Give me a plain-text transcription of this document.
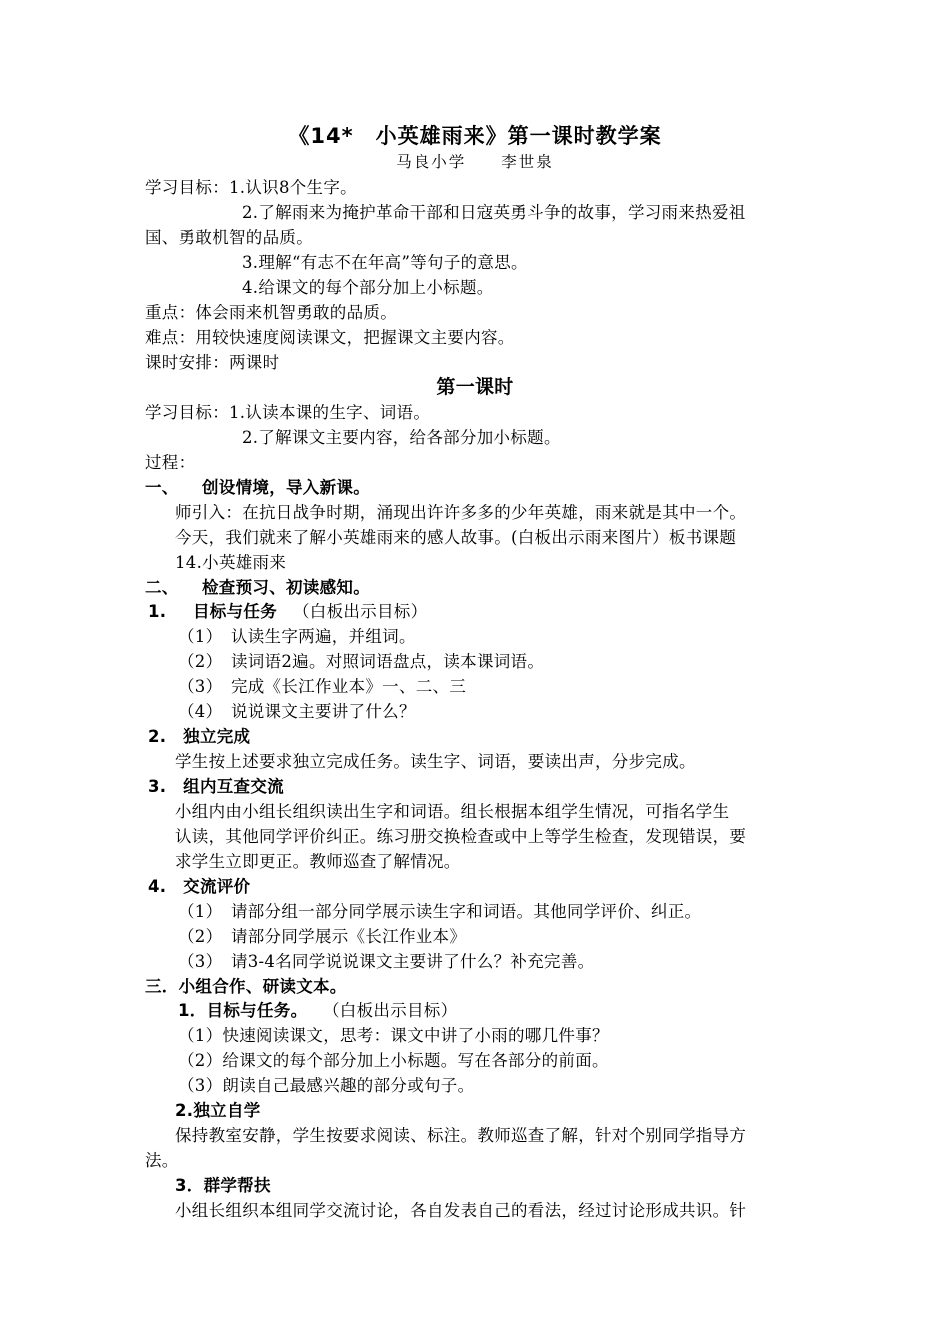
《14*　小英雄雨来》第一课时教学案
马良小学　　李世泉
学习目标：1.认识8个生字。
2.了解雨来为掩护革命干部和日寇英勇斗争的故事，学习雨来热爱祖
国、勇敢机智的品质。
3.理解“有志不在年高”等句子的意思。
4.给课文的每个部分加上小标题。
重点：体会雨来机智勇敢的品质。
难点：用较快速度阅读课文，把握课文主要内容。
课时安排：两课时
第一课时
学习目标：1.认读本课的生字、词语。
2.了解课文主要内容，给各部分加小标题。
过程：
一、 创设情境，导入新课。
师引入：在抗日战争时期，涌现出许许多多的少年英雄，雨来就是其中一个。
今天，我们就来了解小英雄雨来的感人故事。(白板出示雨来图片）板书课题
14.小英雄雨来
二、 检查预习、初读感知。
1. 目标与任务 （白板出示目标）
（1）　认读生字两遍，并组词。
（2）　读词语2遍。对照词语盘点，读本课词语。
（3）　完成《长江作业本》一、二、三
（4）　说说课文主要讲了什么？
2.　独立完成
学生按上述要求独立完成任务。读生字、词语，要读出声，分步完成。
3.　组内互查交流
小组内由小组长组织读出生字和词语。组长根据本组学生情况，可指名学生
认读，其他同学评价纠正。练习册交换检查或中上等学生检查，发现错误，要
求学生立即更正。教师巡查了解情况。
4.　交流评价
（1）　请部分组一部分同学展示读生字和词语。其他同学评价、纠正。
（2）　请部分同学展示《长江作业本》
（3）　请3-4名同学说说课文主要讲了什么？补充完善。
三．小组合作、研读文本。
1．目标与任务。 （白板出示目标）
（1）快速阅读课文，思考：课文中讲了小雨的哪几件事？
（2）给课文的每个部分加上小标题。写在各部分的前面。
（3）朗读自己最感兴趣的部分或句子。
2.独立自学
保持教室安静，学生按要求阅读、标注。教师巡查了解，针对个别同学指导方
法。
3．群学帮扶
小组长组织本组同学交流讨论，各自发表自己的看法，经过讨论形成共识。针
